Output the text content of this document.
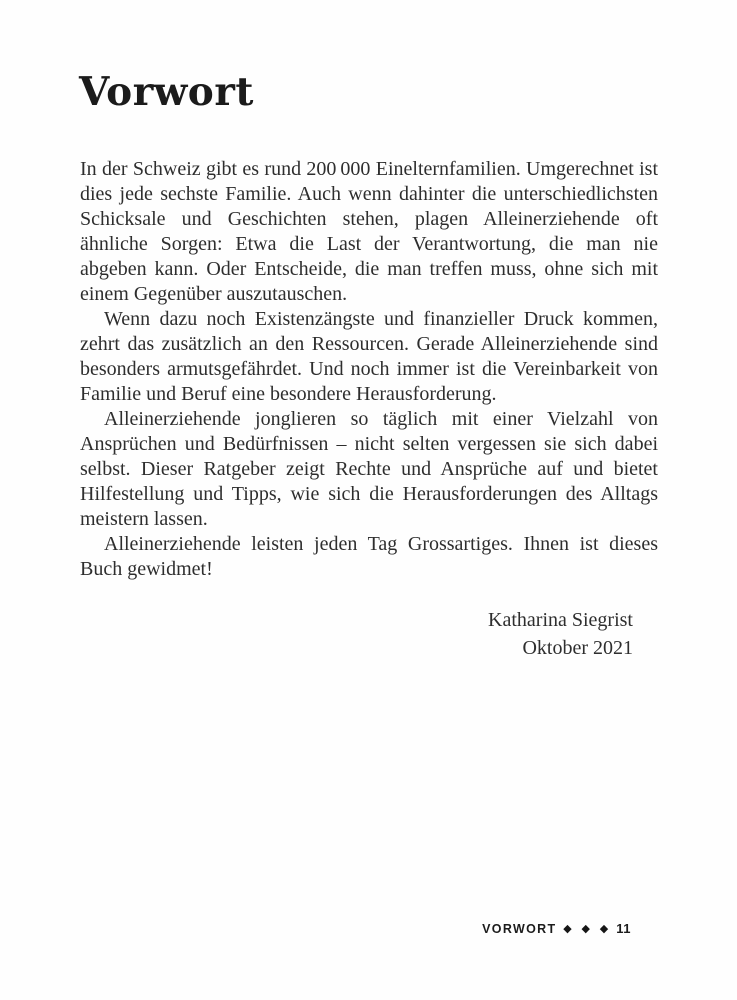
Vorwort

In der Schweiz gibt es rund 200 000 Einelternfamilien. Umgerechnet ist dies jede sechste Familie. Auch wenn dahinter die unterschiedlichsten Schicksale und Geschichten stehen, plagen Alleinerziehende oft ähnliche Sorgen: Etwa die Last der Verantwortung, die man nie abgeben kann. Oder Entscheide, die man treffen muss, ohne sich mit einem Gegenüber auszutauschen.

Wenn dazu noch Existenzängste und finanzieller Druck kommen, zehrt das zusätzlich an den Ressourcen. Gerade Alleinerziehende sind besonders armutsgefährdet. Und noch immer ist die Vereinbarkeit von Familie und Beruf eine besondere Herausforderung.

Alleinerziehende jonglieren so täglich mit einer Vielzahl von Ansprüchen und Bedürfnissen – nicht selten vergessen sie sich dabei selbst. Dieser Ratgeber zeigt Rechte und Ansprüche auf und bietet Hilfestellung und Tipps, wie sich die Herausforderungen des Alltags meistern lassen.

Alleinerziehende leisten jeden Tag Grossartiges. Ihnen ist dieses Buch gewidmet!

Katharina Siegrist
Oktober 2021
VORWORT ◆ ◆ ◆ 11
